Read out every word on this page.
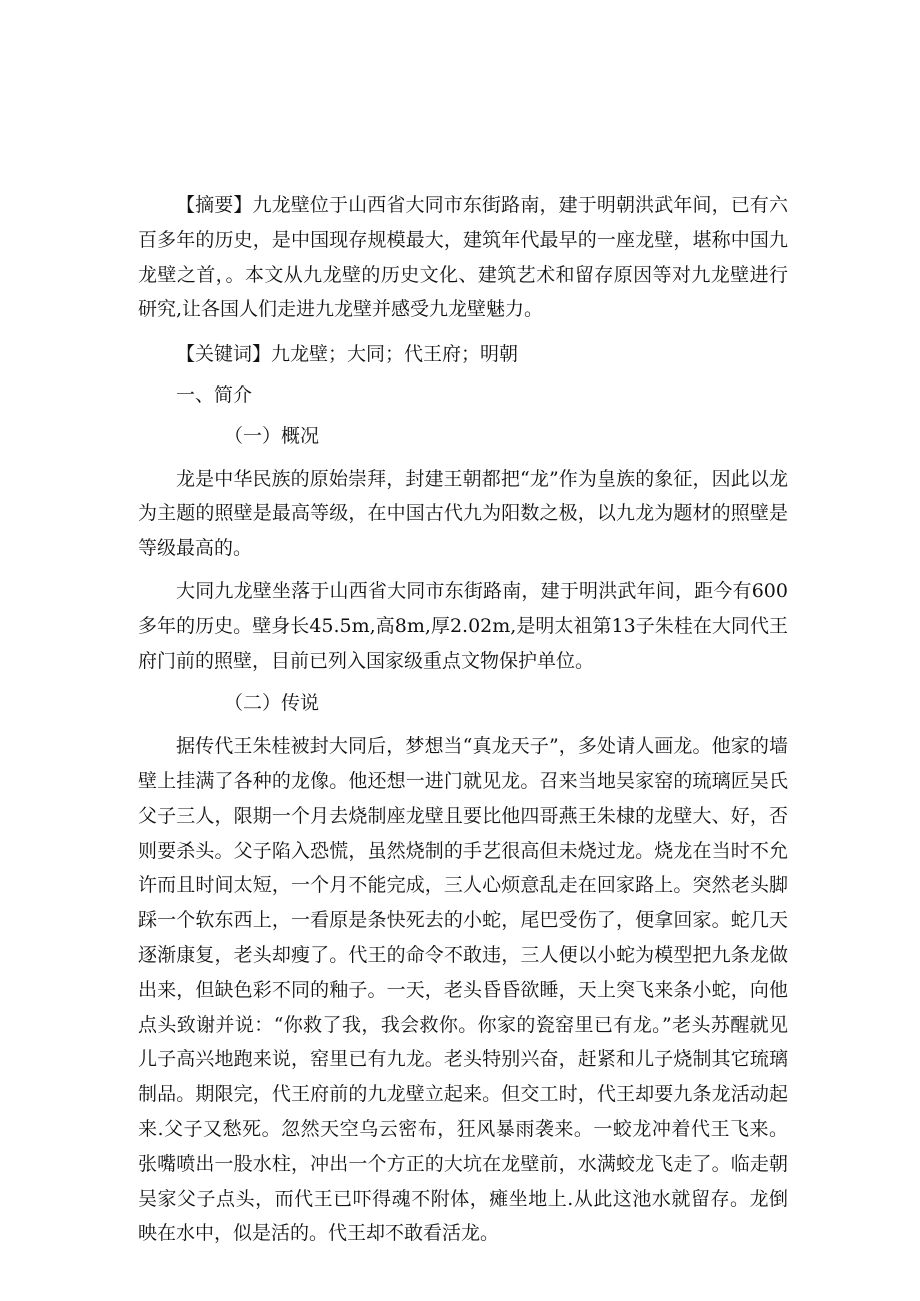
【摘要】九龙壁位于山西省大同市东街路南，建于明朝洪武年间，已有六百多年的历史，是中国现存规模最大，建筑年代最早的一座龙壁，堪称中国九龙壁之首，。本文从九龙壁的历史文化、建筑艺术和留存原因等对九龙壁进行研究,让各国人们走进九龙壁并感受九龙壁魅力。

【关键词】九龙壁；大同；代王府；明朝

一、简介

（一）概况

龙是中华民族的原始崇拜，封建王朝都把“龙”作为皇族的象征，因此以龙为主题的照壁是最高等级，在中国古代九为阳数之极，以九龙为题材的照壁是等级最高的。

大同九龙壁坐落于山西省大同市东街路南，建于明洪武年间，距今有600多年的历史。壁身长45.5m,高8m,厚2.02m,是明太祖第13子朱桂在大同代王府门前的照壁，目前已列入国家级重点文物保护单位。

（二）传说

据传代王朱桂被封大同后，梦想当“真龙天子”，多处请人画龙。他家的墙壁上挂满了各种的龙像。他还想一进门就见龙。召来当地吴家窑的琉璃匠吴氏父子三人，限期一个月去烧制座龙壁且要比他四哥燕王朱棣的龙壁大、好，否则要杀头。父子陷入恐慌，虽然烧制的手艺很高但未烧过龙。烧龙在当时不允许而且时间太短，一个月不能完成，三人心烦意乱走在回家路上。突然老头脚踩一个软东西上，一看原是条快死去的小蛇，尾巴受伤了，便拿回家。蛇几天逐渐康复，老头却瘦了。代王的命令不敢违，三人便以小蛇为模型把九条龙做出来，但缺色彩不同的釉子。一天，老头昏昏欲睡，天上突飞来条小蛇，向他点头致谢并说：“你救了我，我会救你。你家的瓷窑里已有龙。”老头苏醒就见儿子高兴地跑来说，窑里已有九龙。老头特别兴奋，赶紧和儿子烧制其它琉璃制品。期限完，代王府前的九龙壁立起来。但交工时，代王却要九条龙活动起来.父子又愁死。忽然天空乌云密布，狂风暴雨袭来。一蛟龙冲着代王飞来。张嘴喷出一股水柱，冲出一个方正的大坑在龙壁前，水满蛟龙飞走了。临走朝吴家父子点头，而代王已吓得魂不附体，瘫坐地上.从此这池水就留存。龙倒映在水中，似是活的。代王却不敢看活龙。
